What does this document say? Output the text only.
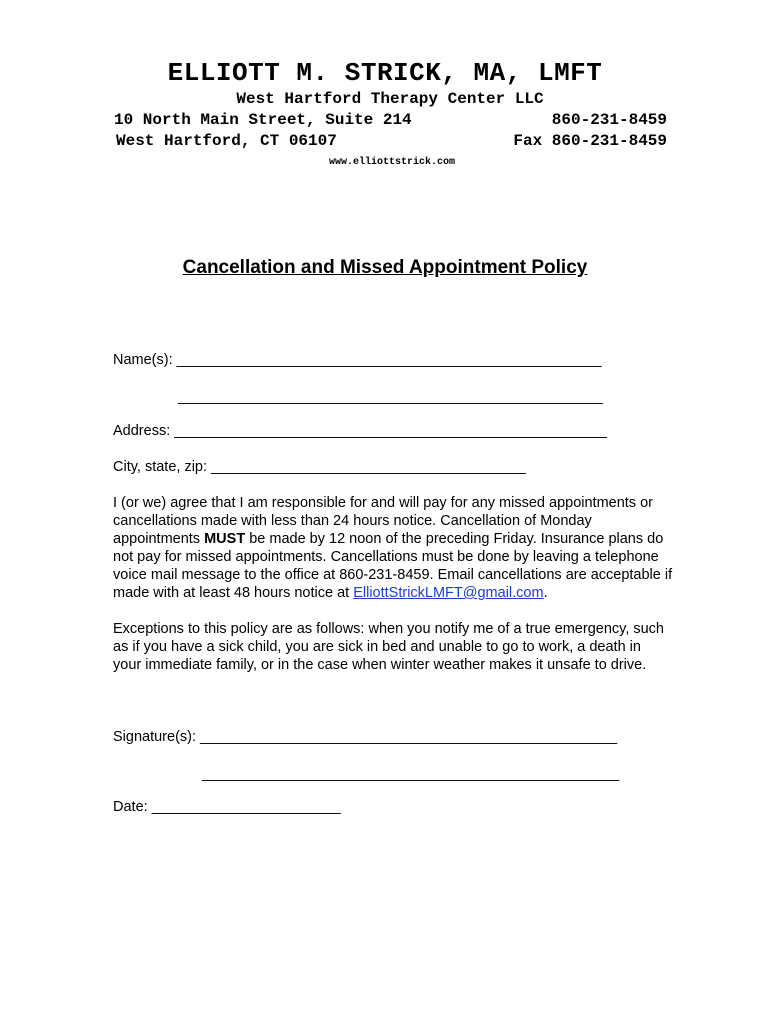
ELLIOTT M. STRICK, MA, LMFT
West Hartford Therapy Center LLC
10 North Main Street, Suite 214	860-231-8459
West Hartford, CT 06107	Fax 860-231-8459
www.elliottstrick.com
Cancellation and Missed Appointment Policy
Name(s): ______________________________________________________
______________________________________________________
Address: _______________________________________________________
City, state, zip: ________________________________________
I (or we) agree that I am responsible for and will pay for any missed appointments or cancellations made with less than 24 hours notice. Cancellation of Monday appointments MUST be made by 12 noon of the preceding Friday. Insurance plans do not pay for missed appointments. Cancellations must be done by leaving a telephone voice mail message to the office at 860-231-8459. Email cancellations are acceptable if made with at least 48 hours notice at ElliottStrickLMFT@gmail.com.
Exceptions to this policy are as follows: when you notify me of a true emergency, such as if you have a sick child, you are sick in bed and unable to go to work, a death in your immediate family, or in the case when winter weather makes it unsafe to drive.
Signature(s): _____________________________________________________
_____________________________________________________
Date: ________________________
